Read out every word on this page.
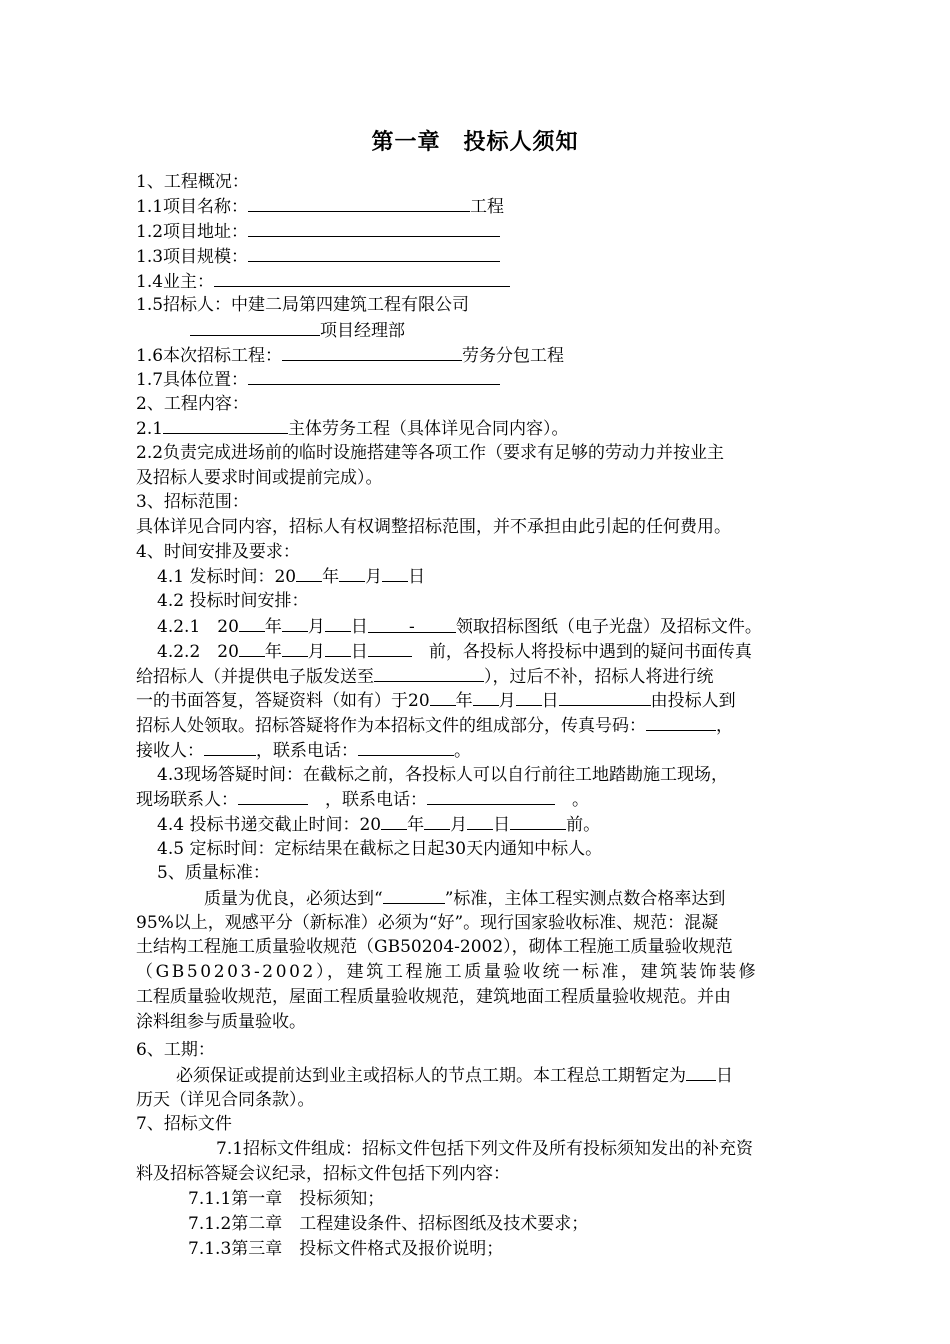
第一章　投标人须知
1、工程概况：
1.1项目名称：	工程
1.2项目地址：
1.3项目规模：
1.4业主：
1.5招标人：中建二局第四建筑工程有限公司
项目经理部
1.6本次招标工程：	劳务分包工程
1.7具体位置：
2、工程内容：
2.1	主体劳务工程（具体详见合同内容）。
2.2负责完成进场前的临时设施搭建等各项工作（要求有足够的劳动力并按业主
及招标人要求时间或提前完成）。
3、招标范围：
具体详见合同内容，招标人有权调整招标范围，并不承担由此引起的任何费用。
4、时间安排及要求：
4.1 发标时间：20 年 月 日
4.2 投标时间安排：
4.2.1　20 年 月 日 - 领取招标图纸（电子光盘）及招标文件。
4.2.2　20 年 月 日　	前，各投标人将投标中遇到的疑问书面传真
给招标人（并提供电子版发送至	），过后不补，招标人将进行统
一的书面答复，答疑资料（如有）于20 年 月 日	由投标人到
招标人处领取。招标答疑将作为本招标文件的组成部分，传真号码：	，
接收人：	，联系电话：	。
4.3现场答疑时间：在截标之前，各投标人可以自行前往工地踏勘施工现场，
现场联系人：　	，联系电话：　	。
4.4 投标书递交截止时间：20 年 月 日	前。
4.5 定标时间：定标结果在截标之日起30天内通知中标人。
5、质量标准：
质量为优良，必须达到“	”标准，主体工程实测点数合格率达到
95%以上，观感平分（新标准）必须为“好”。现行国家验收标准、规范：混凝
土结构工程施工质量验收规范（GB50204-2002），砌体工程施工质量验收规范
（GB50203-2002），建筑工程施工质量验收统一标准，建筑装饰装修
工程质量验收规范，屋面工程质量验收规范，建筑地面工程质量验收规范。并由
涂料组参与质量验收。
6、工期：
必须保证或提前达到业主或招标人的节点工期。本工程总工期暂定为 日
历天（详见合同条款）。
7、招标文件
7.1招标文件组成：招标文件包括下列文件及所有投标须知发出的补充资
料及招标答疑会议纪录，招标文件包括下列内容：
7.1.1第一章　投标须知；
7.1.2第二章　工程建设条件、招标图纸及技术要求；
7.1.3第三章　投标文件格式及报价说明；
